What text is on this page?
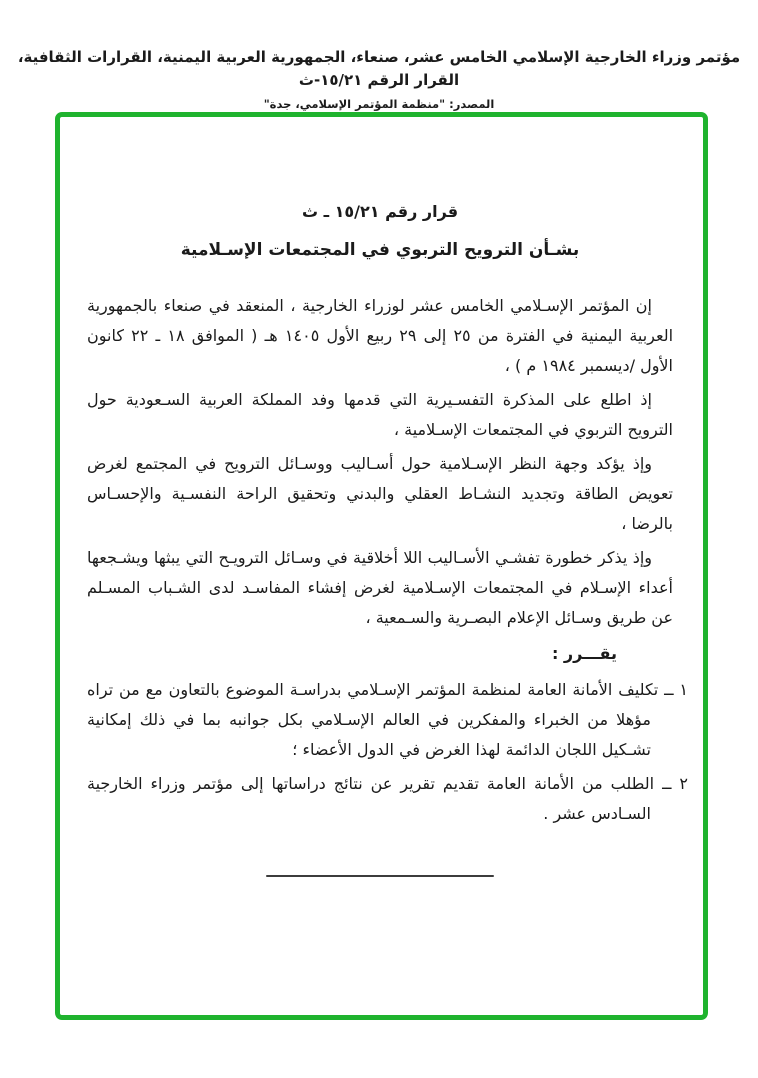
مؤتمر وزراء الخارجية الإسلامي الخامس عشر، صنعاء، الجمهورية العربية اليمنية، القرارات الثقافية، القرار الرقم ١٥/٢١-ث
المصدر: "منظمة المؤتمر الإسلامي، جدة"
قرار رقم ١٥/٢١ ـ ث
بشـأن الترويح التربوي في المجتمعات الإسـلامية

إن المؤتمر الإسـلامي الخامس عشر لوزراء الخارجية ، المنعقد في صنعاء بالجمهورية العربية اليمنية في الفترة من ٢٥ إلى ٢٩ ربيع الأول ١٤٠٥ هـ ( الموافق ١٨ ـ ٢٢ كانون الأول /ديسمبر ١٩٨٤ م ) ،

إذ اطلع على المذكرة التفسـيرية التي قدمها وفد المملكة العربية السـعودية حول الترويح التربوي في المجتمعات الإسـلامية ،

وإذ يؤكد وجهة النظر الإسـلامية حول أسـاليب ووسـائل الترويح في المجتمع لغرض تعويض الطاقة وتجديد النشـاط العقلي والبدني وتحقيق الراحة النفسـية والإحسـاس بالرضا ،

وإذ يذكر خطورة تفشـي الأسـاليب اللا أخلاقية في وسـائل الترويـح التي يبثها ويشـجعها أعداء الإسـلام في المجتمعات الإسـلامية لغرض إفشاء المفاسـد لدى الشـباب المسـلم عن طريق وسـائل الإعلام البصـرية والسـمعية ،

يقـــرر :

١ ــ تكليف الأمانة العامة لمنظمة المؤتمر الإسـلامي بدراسـة الموضوع بالتعاون مع من تراه مؤهلا من الخبراء والمفكرين في العالم الإسـلامي بكل جوانبه بما في ذلك إمكانية تشـكيل اللجان الدائمة لهذا الغرض في الدول الأعضاء ؛

٢ ــ الطلب من الأمانة العامة تقديم تقرير عن نتائج دراساتها إلى مؤتمر وزراء الخارجية السـادس عشر .
